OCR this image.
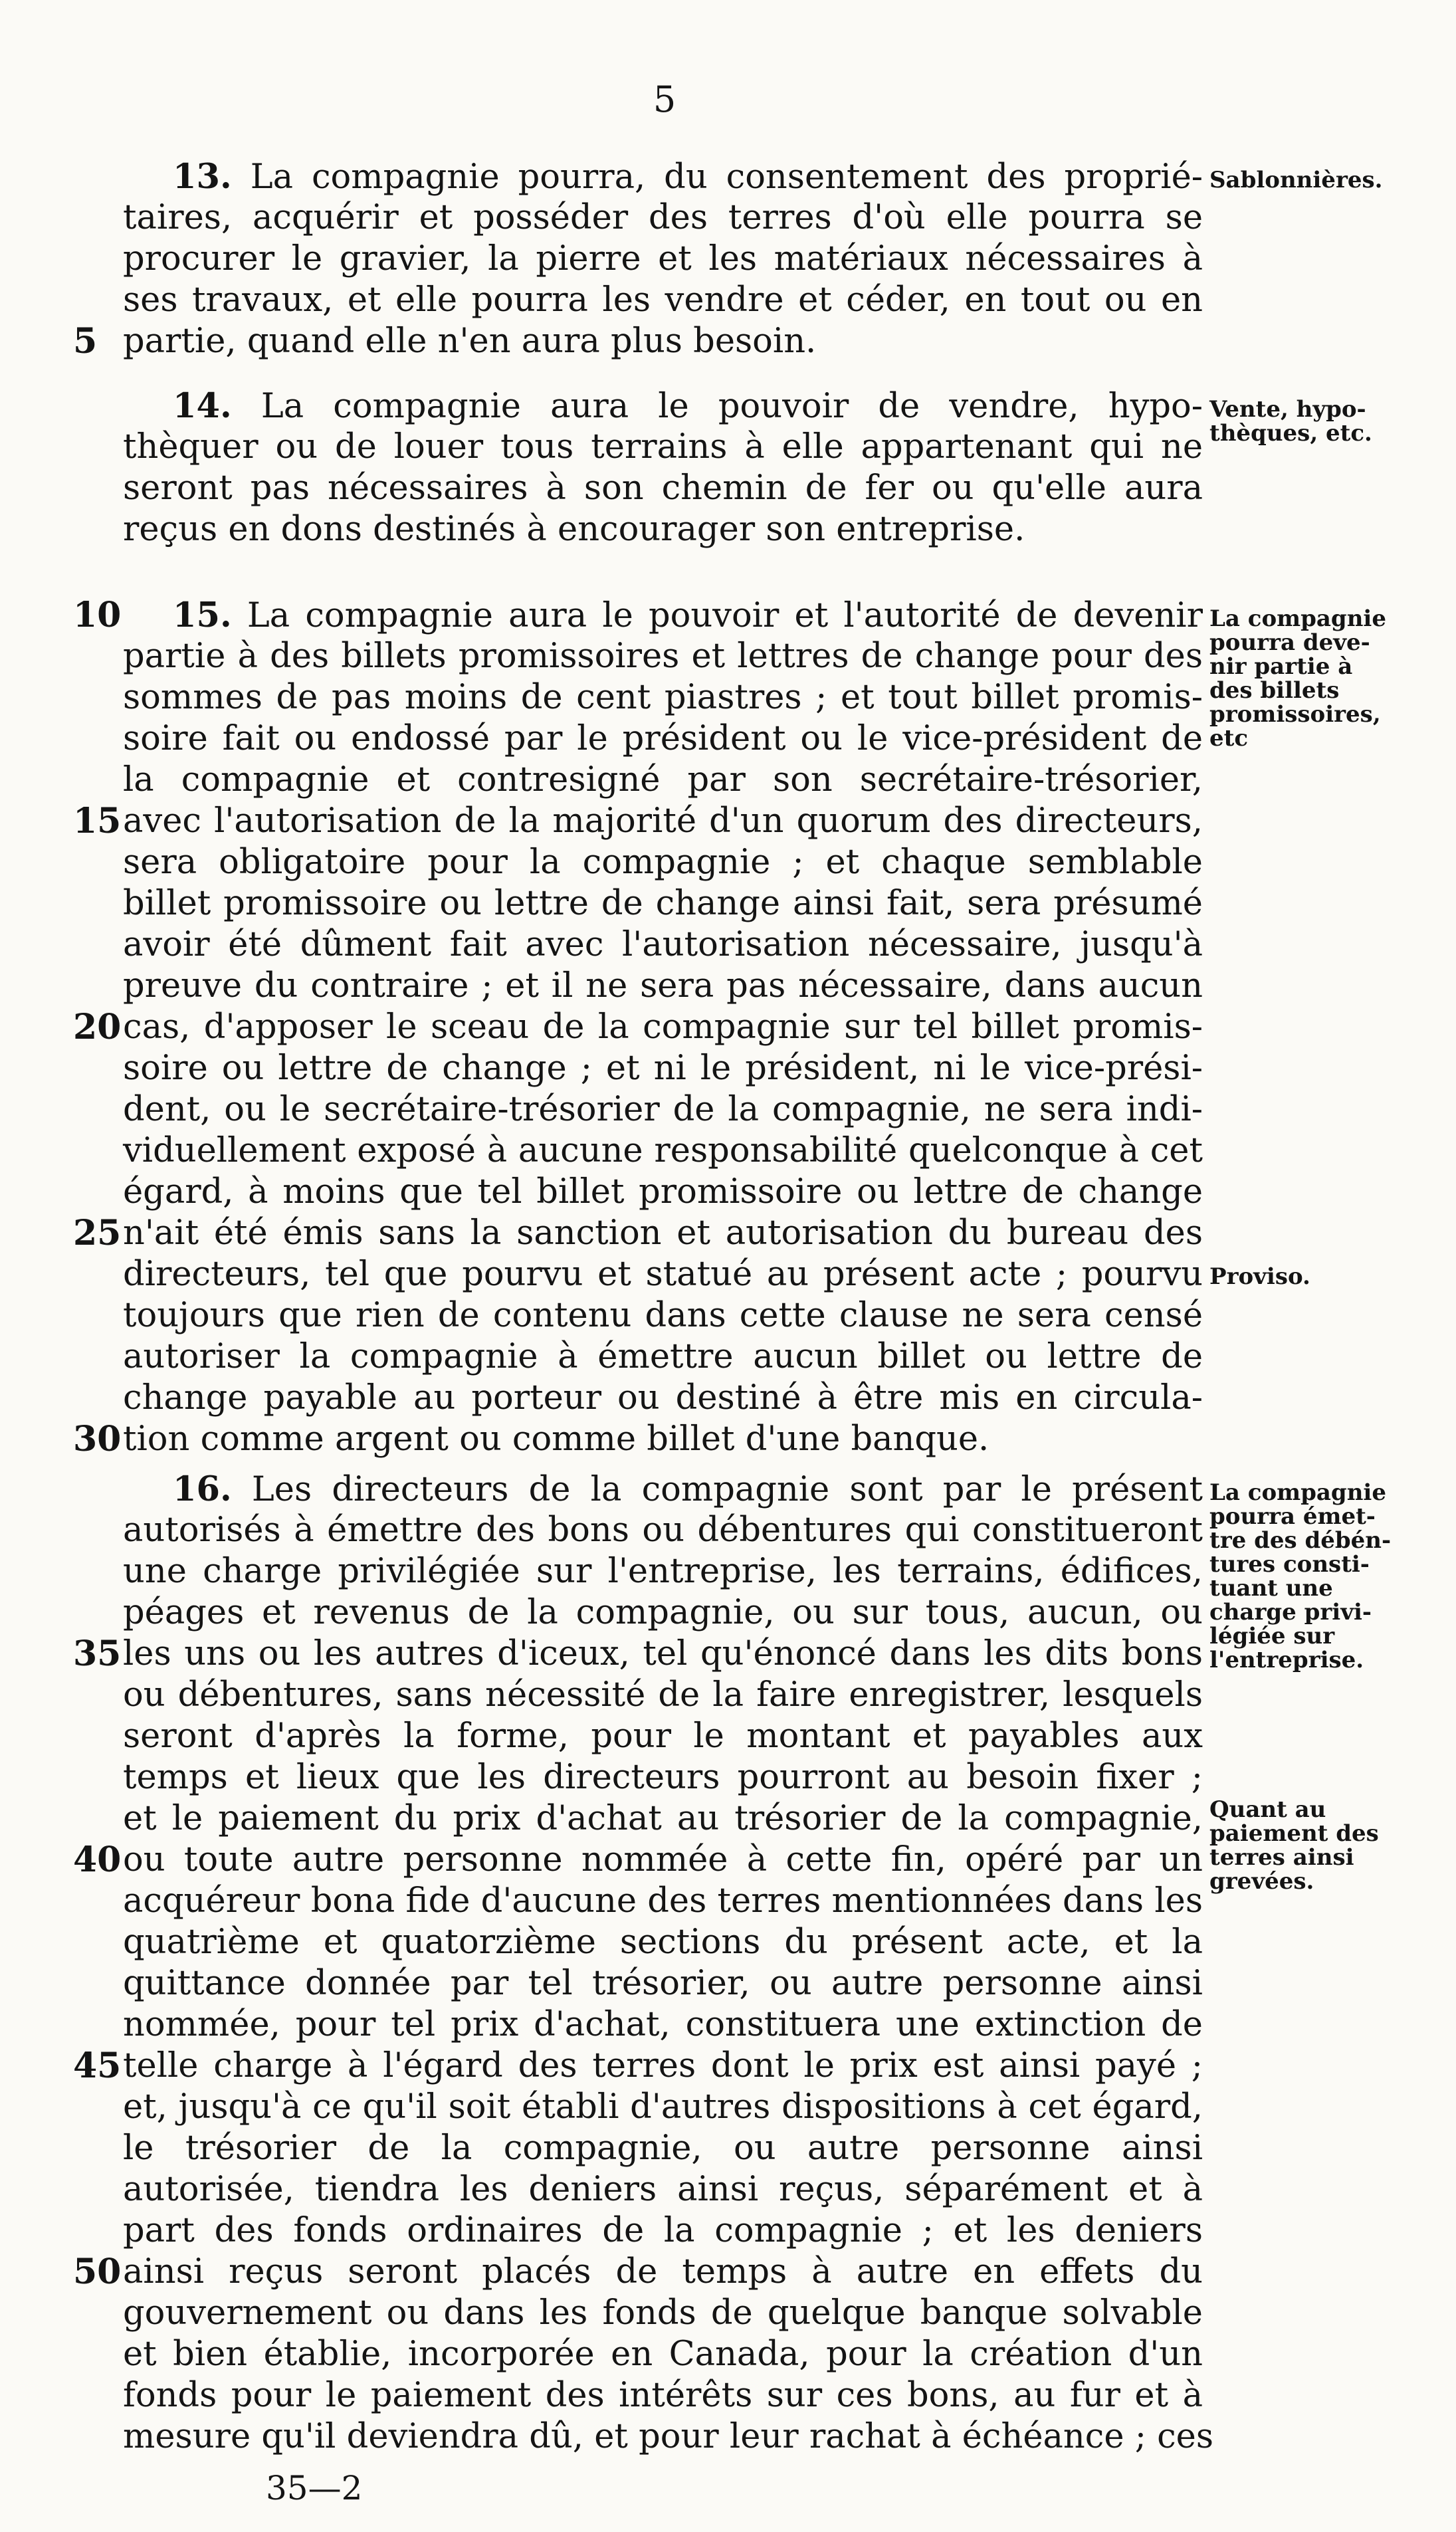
5
13. La compagnie pourra, du consentement des proprié-
taires, acquérir et posséder des terres d'où elle pourra se
procurer le gravier, la pierre et les matériaux nécessaires à
ses travaux, et elle pourra les vendre et céder, en tout ou en
partie, quand elle n'en aura plus besoin.
5
Sablonnières.
14. La compagnie aura le pouvoir de vendre, hypo-
thèquer ou de louer tous terrains à elle appartenant qui ne
seront pas nécessaires à son chemin de fer ou qu'elle aura
reçus en dons destinés à encourager son entreprise.
Vente, hypo-
thèques, etc.
15. La compagnie aura le pouvoir et l'autorité de devenir
partie à des billets promissoires et lettres de change pour des
sommes de pas moins de cent piastres ; et tout billet promis-
soire fait ou endossé par le président ou le vice-président de
la compagnie et contresigné par son secrétaire-trésorier,
avec l'autorisation de la majorité d'un quorum des directeurs,
sera obligatoire pour la compagnie ; et chaque semblable
billet promissoire ou lettre de change ainsi fait, sera présumé
avoir été dûment fait avec l'autorisation nécessaire, jusqu'à
preuve du contraire ; et il ne sera pas nécessaire, dans aucun
cas, d'apposer le sceau de la compagnie sur tel billet promis-
soire ou lettre de change ; et ni le président, ni le vice-prési-
dent, ou le secrétaire-trésorier de la compagnie, ne sera indi-
viduellement exposé à aucune responsabilité quelconque à cet
égard, à moins que tel billet promissoire ou lettre de change
n'ait été émis sans la sanction et autorisation du bureau des
directeurs, tel que pourvu et statué au présent acte ; pourvu
toujours que rien de contenu dans cette clause ne sera censé
autoriser la compagnie à émettre aucun billet ou lettre de
change payable au porteur ou destiné à être mis en circula-
tion comme argent ou comme billet d'une banque.
10
15
20
25
30
La compagnie
pourra deve-
nir partie à
des billets
promissoires,
etc
Proviso.
16. Les directeurs de la compagnie sont par le présent
autorisés à émettre des bons ou débentures qui constitueront
une charge privilégiée sur l'entreprise, les terrains, édifices,
péages et revenus de la compagnie, ou sur tous, aucun, ou
les uns ou les autres d'iceux, tel qu'énoncé dans les dits bons
ou débentures, sans nécessité de la faire enregistrer, lesquels
seront d'après la forme, pour le montant et payables aux
temps et lieux que les directeurs pourront au besoin fixer ;
et le paiement du prix d'achat au trésorier de la compagnie,
ou toute autre personne nommée à cette fin, opéré par un
acquéreur bona fide d'aucune des terres mentionnées dans les
quatrième et quatorzième sections du présent acte, et la
quittance donnée par tel trésorier, ou autre personne ainsi
nommée, pour tel prix d'achat, constituera une extinction de
telle charge à l'égard des terres dont le prix est ainsi payé ;
et, jusqu'à ce qu'il soit établi d'autres dispositions à cet égard,
le trésorier de la compagnie, ou autre personne ainsi
autorisée, tiendra les deniers ainsi reçus, séparément et à
part des fonds ordinaires de la compagnie ; et les deniers
ainsi reçus seront placés de temps à autre en effets du
gouvernement ou dans les fonds de quelque banque solvable
et bien établie, incorporée en Canada, pour la création d'un
fonds pour le paiement des intérêts sur ces bons, au fur et à
mesure qu'il deviendra dû, et pour leur rachat à échéance ; ces
35
40
45
50
La compagnie
pourra émet-
tre des débén-
tures consti-
tuant une
charge privi-
légiée sur
l'entreprise.
Quant au
paiement des
terres ainsi
grevées.
35—2
